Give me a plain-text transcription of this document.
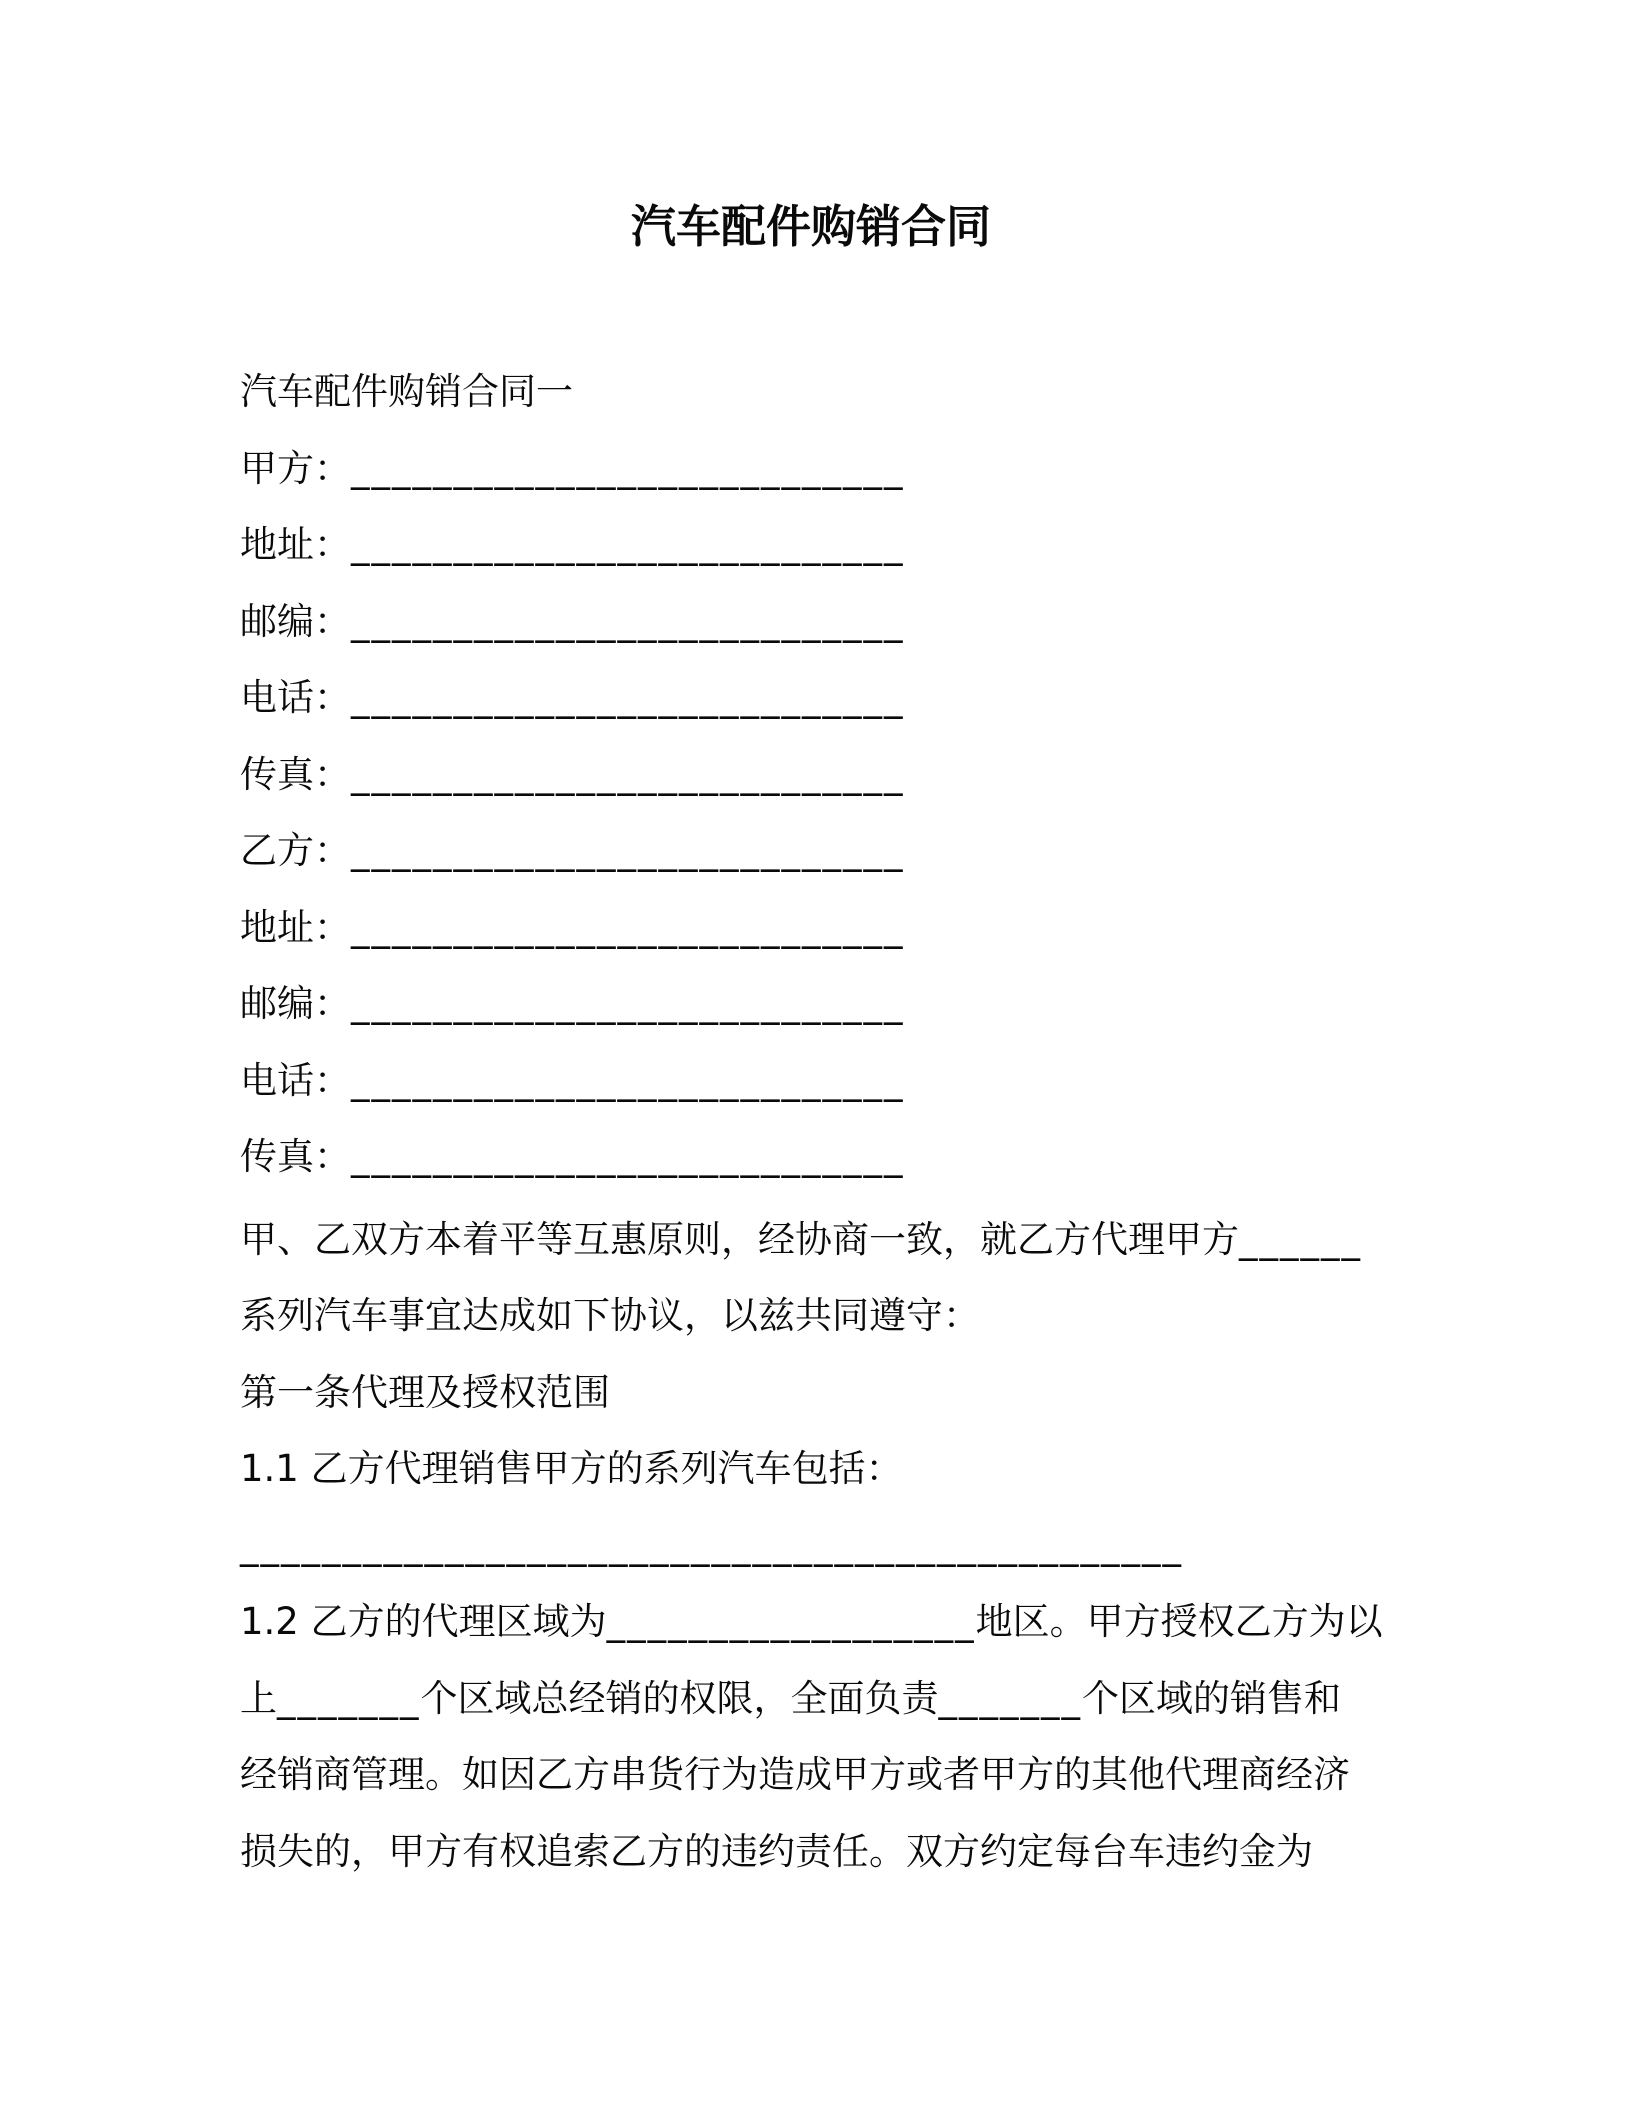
汽车配件购销合同
汽车配件购销合同一
甲方：___________________________
地址：___________________________
邮编：___________________________
电话：___________________________
传真：___________________________
乙方：___________________________
地址：___________________________
邮编：___________________________
电话：___________________________
传真：___________________________
甲、乙双方本着平等互惠原则，经协商一致，就乙方代理甲方______
系列汽车事宜达成如下协议，以兹共同遵守：
第一条代理及授权范围
1.1 乙方代理销售甲方的系列汽车包括：
______________________________________________
1.2 乙方的代理区域为__________________地区。甲方授权乙方为以
上_______个区域总经销的权限，全面负责_______个区域的销售和
经销商管理。如因乙方串货行为造成甲方或者甲方的其他代理商经济
损失的，甲方有权追索乙方的违约责任。双方约定每台车违约金为
